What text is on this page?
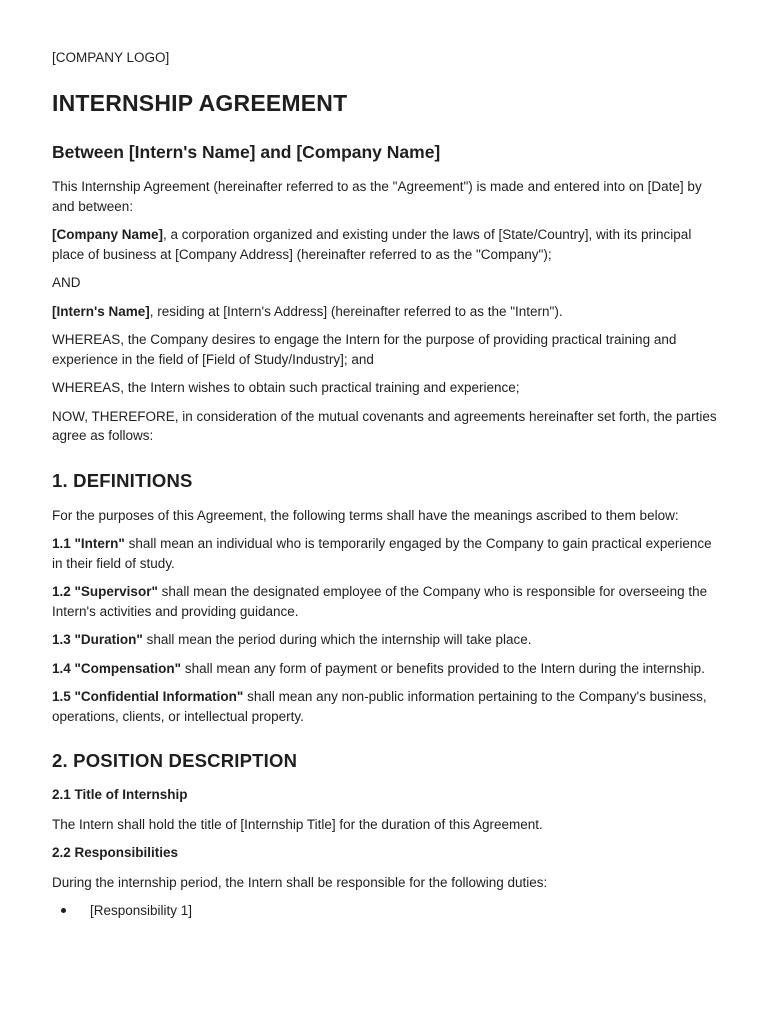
[COMPANY LOGO]
INTERNSHIP AGREEMENT
Between [Intern's Name] and [Company Name]

This Internship Agreement (hereinafter referred to as the "Agreement") is made and entered into on [Date] by and between:

[Company Name], a corporation organized and existing under the laws of [State/Country], with its principal place of business at [Company Address] (hereinafter referred to as the "Company");

AND

[Intern's Name], residing at [Intern's Address] (hereinafter referred to as the "Intern").

WHEREAS, the Company desires to engage the Intern for the purpose of providing practical training and experience in the field of [Field of Study/Industry]; and

WHEREAS, the Intern wishes to obtain such practical training and experience;

NOW, THEREFORE, in consideration of the mutual covenants and agreements hereinafter set forth, the parties agree as follows:

1. DEFINITIONS

For the purposes of this Agreement, the following terms shall have the meanings ascribed to them below:

1.1 "Intern" shall mean an individual who is temporarily engaged by the Company to gain practical experience in their field of study.

1.2 "Supervisor" shall mean the designated employee of the Company who is responsible for overseeing the Intern's activities and providing guidance.

1.3 "Duration" shall mean the period during which the internship will take place.

1.4 "Compensation" shall mean any form of payment or benefits provided to the Intern during the internship.

1.5 "Confidential Information" shall mean any non-public information pertaining to the Company's business, operations, clients, or intellectual property.

2. POSITION DESCRIPTION
2.1 Title of Internship

The Intern shall hold the title of [Internship Title] for the duration of this Agreement.

2.2 Responsibilities

During the internship period, the Intern shall be responsible for the following duties:

[Responsibility 1]
